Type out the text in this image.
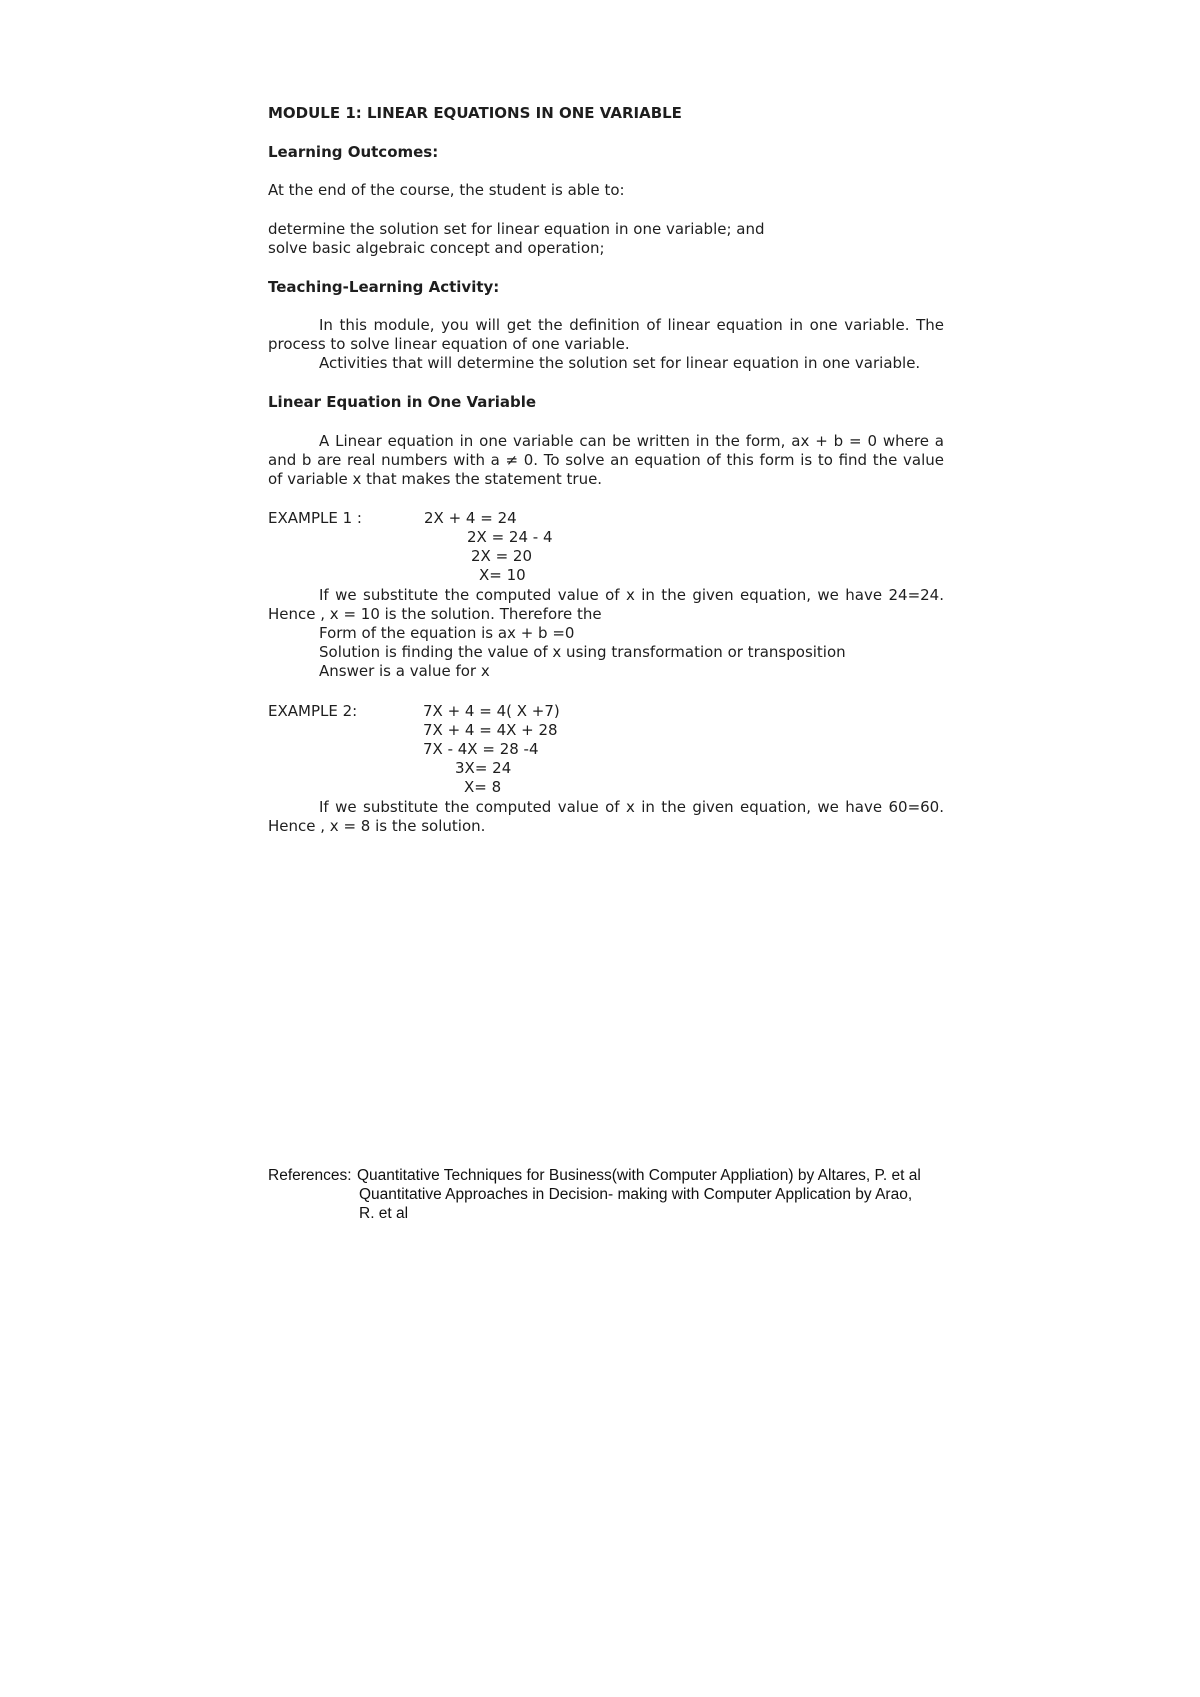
MODULE 1: LINEAR EQUATIONS IN ONE VARIABLE
Learning Outcomes:
At the end of the course, the student is able to:
determine the solution set for linear equation in one variable; and
solve basic algebraic concept and operation;
Teaching-Learning Activity:
In this module, you will get the definition of linear equation in one variable. The
process to solve linear equation of one variable.
Activities that will determine the solution set for linear equation in one variable.
Linear Equation in One Variable
A Linear equation in one variable can be written in the form, ax + b = 0 where a
and b are real numbers with a ≠ 0. To solve an equation of this form is to find the value
of variable x that makes the statement true.
EXAMPLE 1 :	2X + 4 = 24
2X = 24 - 4
2X = 20
X= 10
If we substitute the computed value of x in the given equation, we have 24=24.
Hence , x = 10 is the solution. Therefore the
Form of the equation is ax + b =0
Solution is finding the value of x using transformation or transposition
Answer is a value for x
EXAMPLE 2:	7X + 4 = 4( X +7)
7X + 4 = 4X + 28
7X - 4X = 28 -4
3X= 24
X= 8
If we substitute the computed value of x in the given equation, we have 60=60.
Hence , x = 8 is the solution.
References: Quantitative Techniques for Business(with Computer Appliation) by Altares, P. et al
Quantitative Approaches in Decision- making with Computer Application by Arao,
R. et al
